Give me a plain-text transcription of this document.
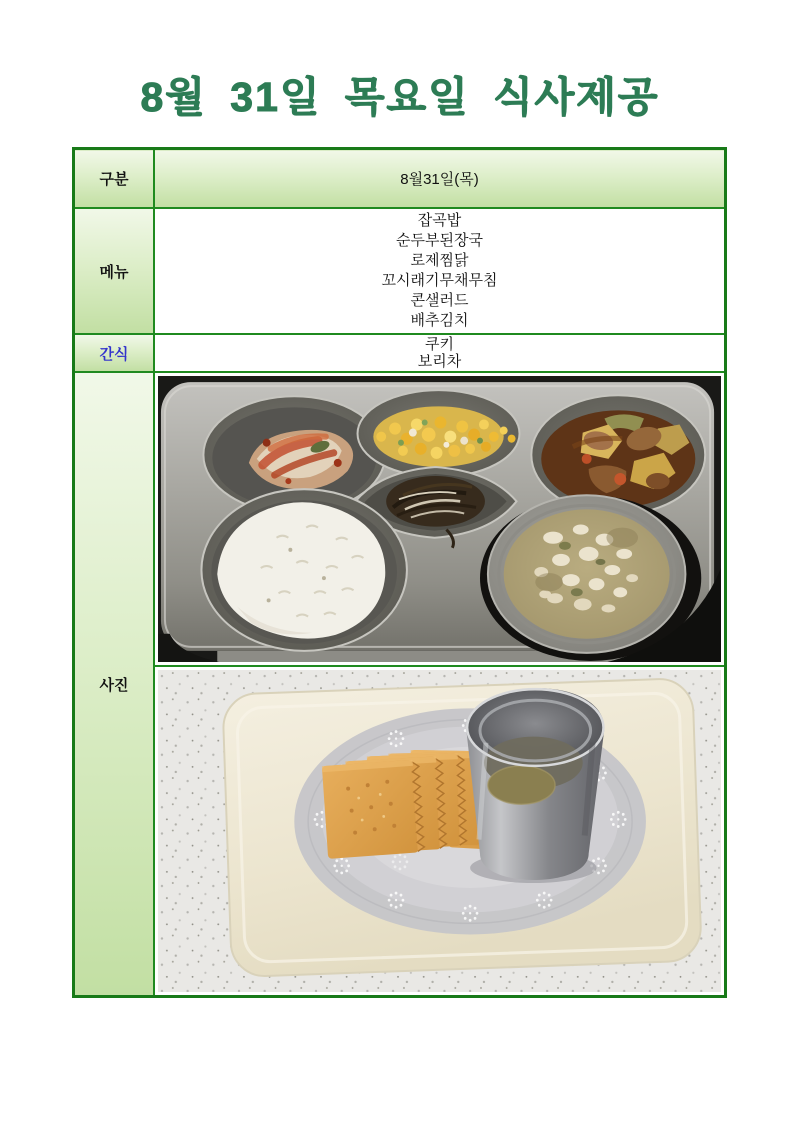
8월 31일 목요일 식사제공
구분	8월31일(목)
메뉴	
잡곡밥
순두부된장국
로제찜닭
꼬시래기무채무침
콘샐러드
배추김치

간식	쿠키
보리차

사진	
